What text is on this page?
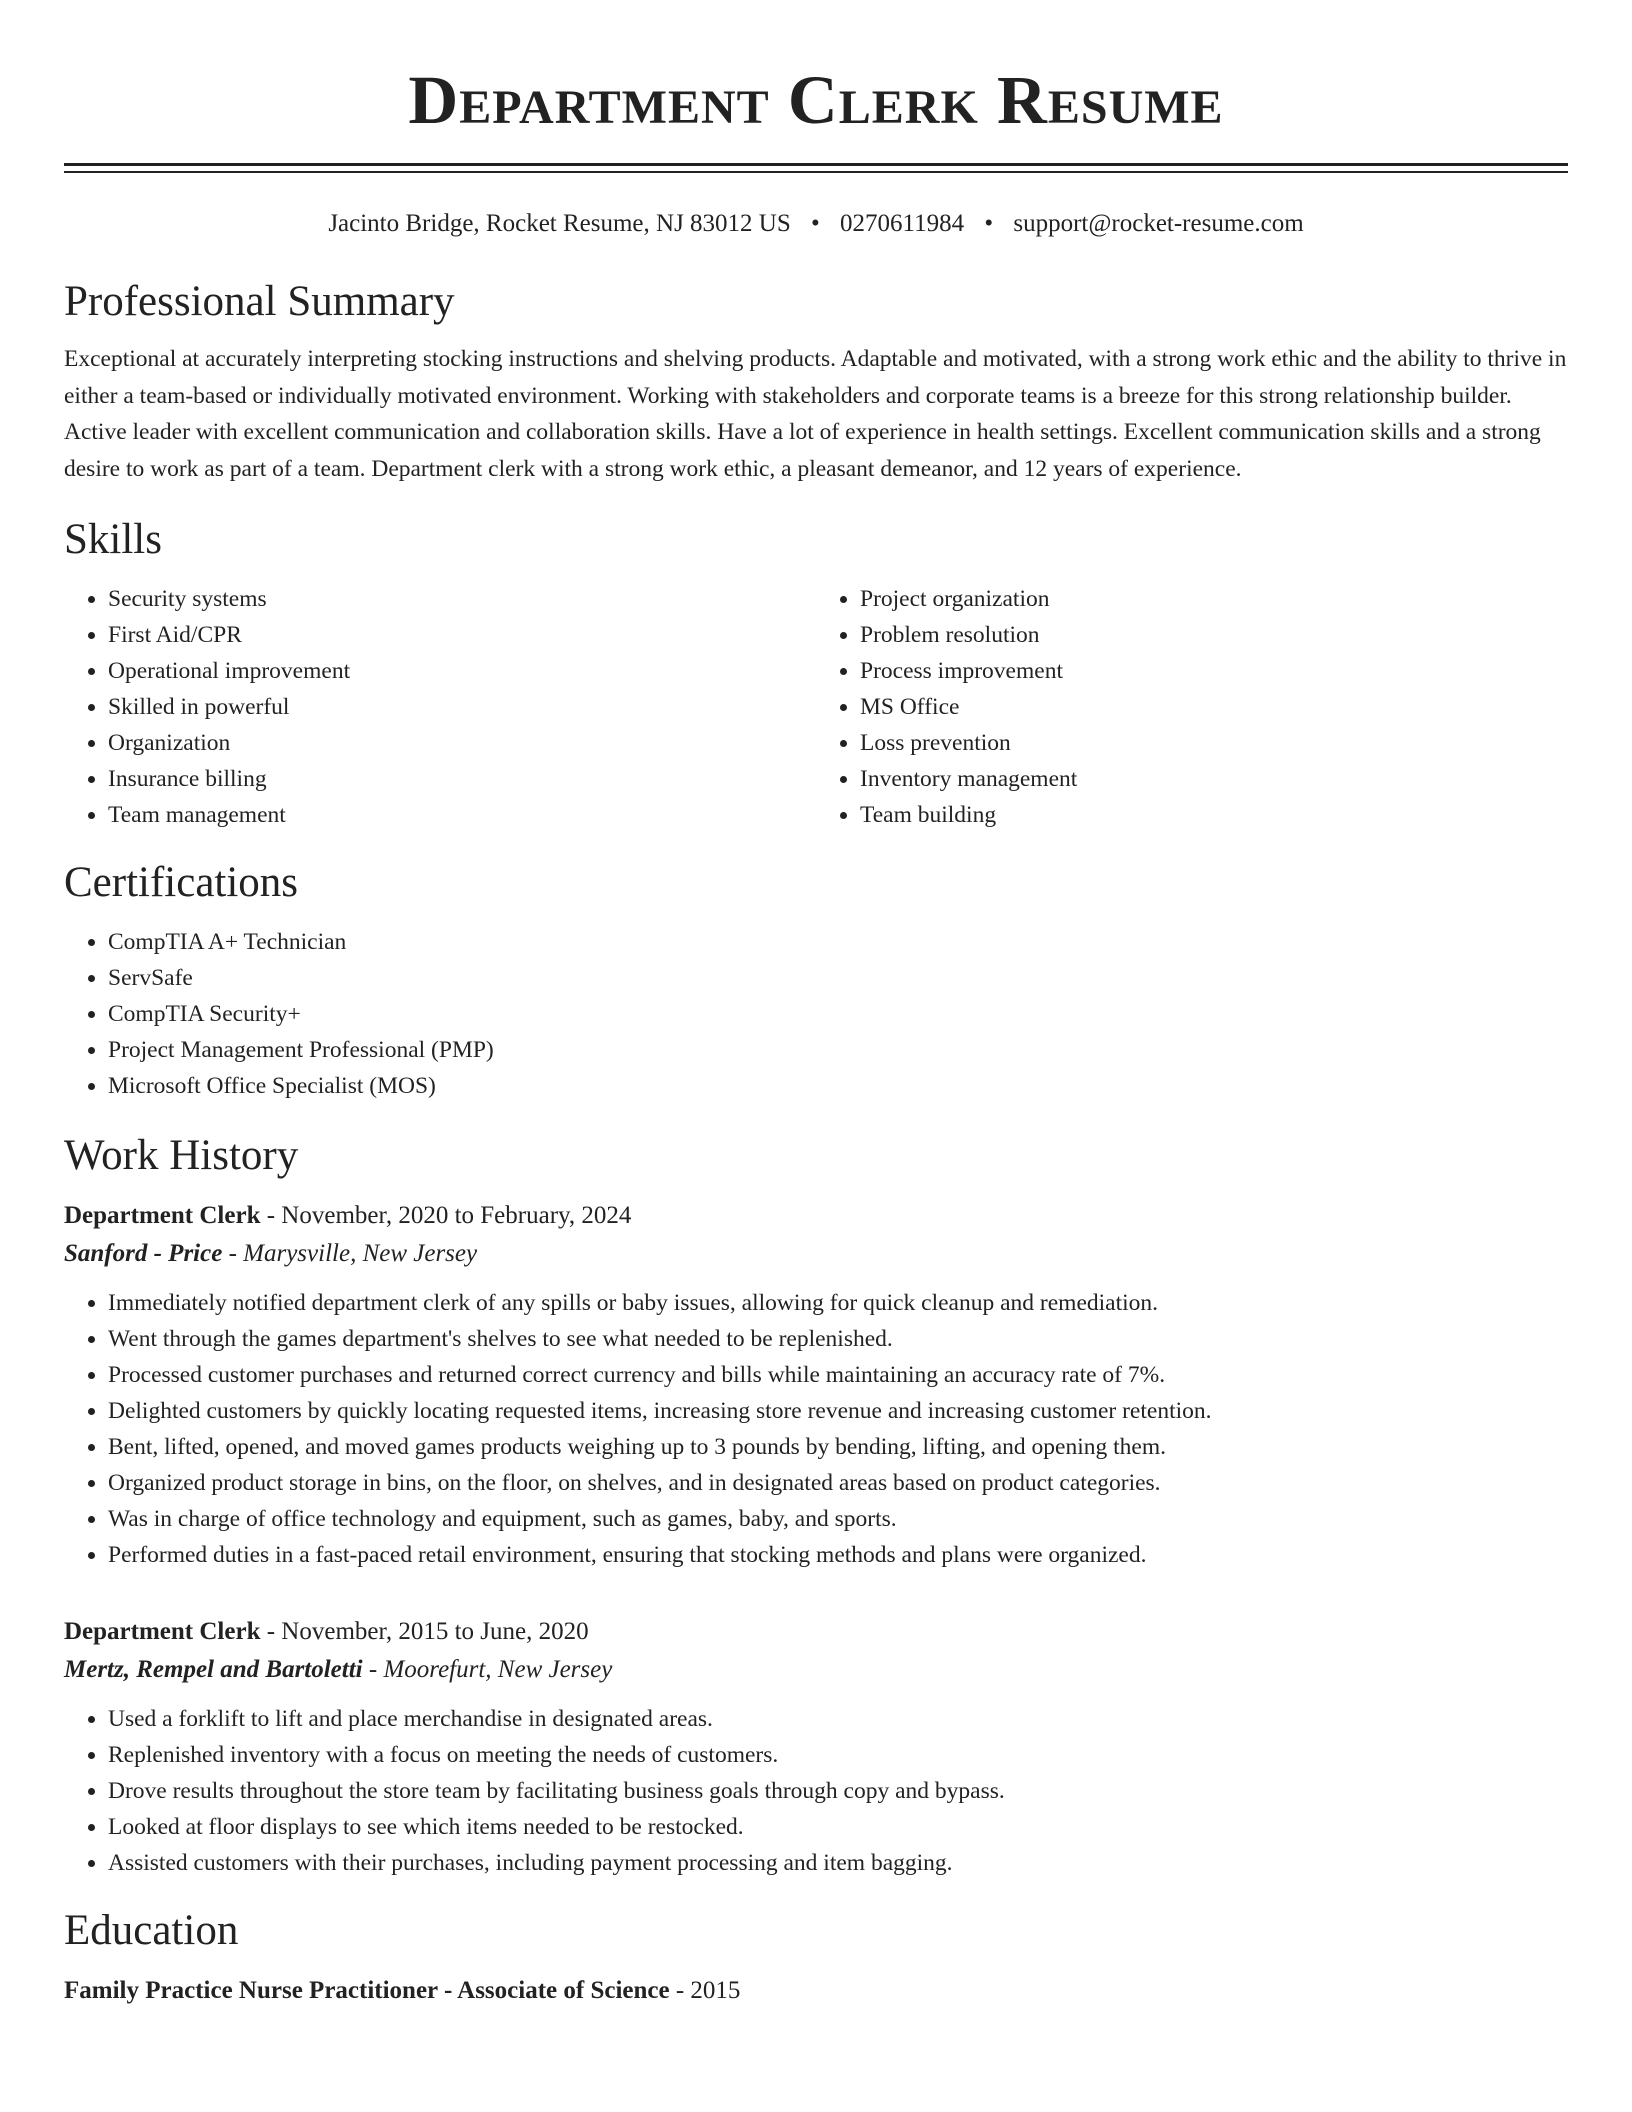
Department Clerk Resume
Jacinto Bridge, Rocket Resume, NJ 83012 US • 0270611984 • support@rocket-resume.com
Professional Summary

Exceptional at accurately interpreting stocking instructions and shelving products. Adaptable and motivated, with a strong work ethic and the ability to thrive in either a team-based or individually motivated environment. Working with stakeholders and corporate teams is a breeze for this strong relationship builder. Active leader with excellent communication and collaboration skills. Have a lot of experience in health settings. Excellent communication skills and a strong desire to work as part of a team. Department clerk with a strong work ethic, a pleasant demeanor, and 12 years of experience.

Skills
• Security systems
• First Aid/CPR
• Operational improvement
• Skilled in powerful
• Organization
• Insurance billing
• Team management
• Project organization
• Problem resolution
• Process improvement
• MS Office
• Loss prevention
• Inventory management
• Team building
Certifications
• CompTIA A+ Technician
• ServSafe
• CompTIA Security+
• Project Management Professional (PMP)
• Microsoft Office Specialist (MOS)
Work History
Department Clerk - November, 2020 to February, 2024
Sanford - Price - Marysville, New Jersey
• Immediately notified department clerk of any spills or baby issues, allowing for quick cleanup and remediation.
• Went through the games department's shelves to see what needed to be replenished.
• Processed customer purchases and returned correct currency and bills while maintaining an accuracy rate of 7%.
• Delighted customers by quickly locating requested items, increasing store revenue and increasing customer retention.
• Bent, lifted, opened, and moved games products weighing up to 3 pounds by bending, lifting, and opening them.
• Organized product storage in bins, on the floor, on shelves, and in designated areas based on product categories.
• Was in charge of office technology and equipment, such as games, baby, and sports.
• Performed duties in a fast-paced retail environment, ensuring that stocking methods and plans were organized.
Department Clerk - November, 2015 to June, 2020
Mertz, Rempel and Bartoletti - Moorefurt, New Jersey
• Used a forklift to lift and place merchandise in designated areas.
• Replenished inventory with a focus on meeting the needs of customers.
• Drove results throughout the store team by facilitating business goals through copy and bypass.
• Looked at floor displays to see which items needed to be restocked.
• Assisted customers with their purchases, including payment processing and item bagging.
Education
Family Practice Nurse Practitioner - Associate of Science - 2015
